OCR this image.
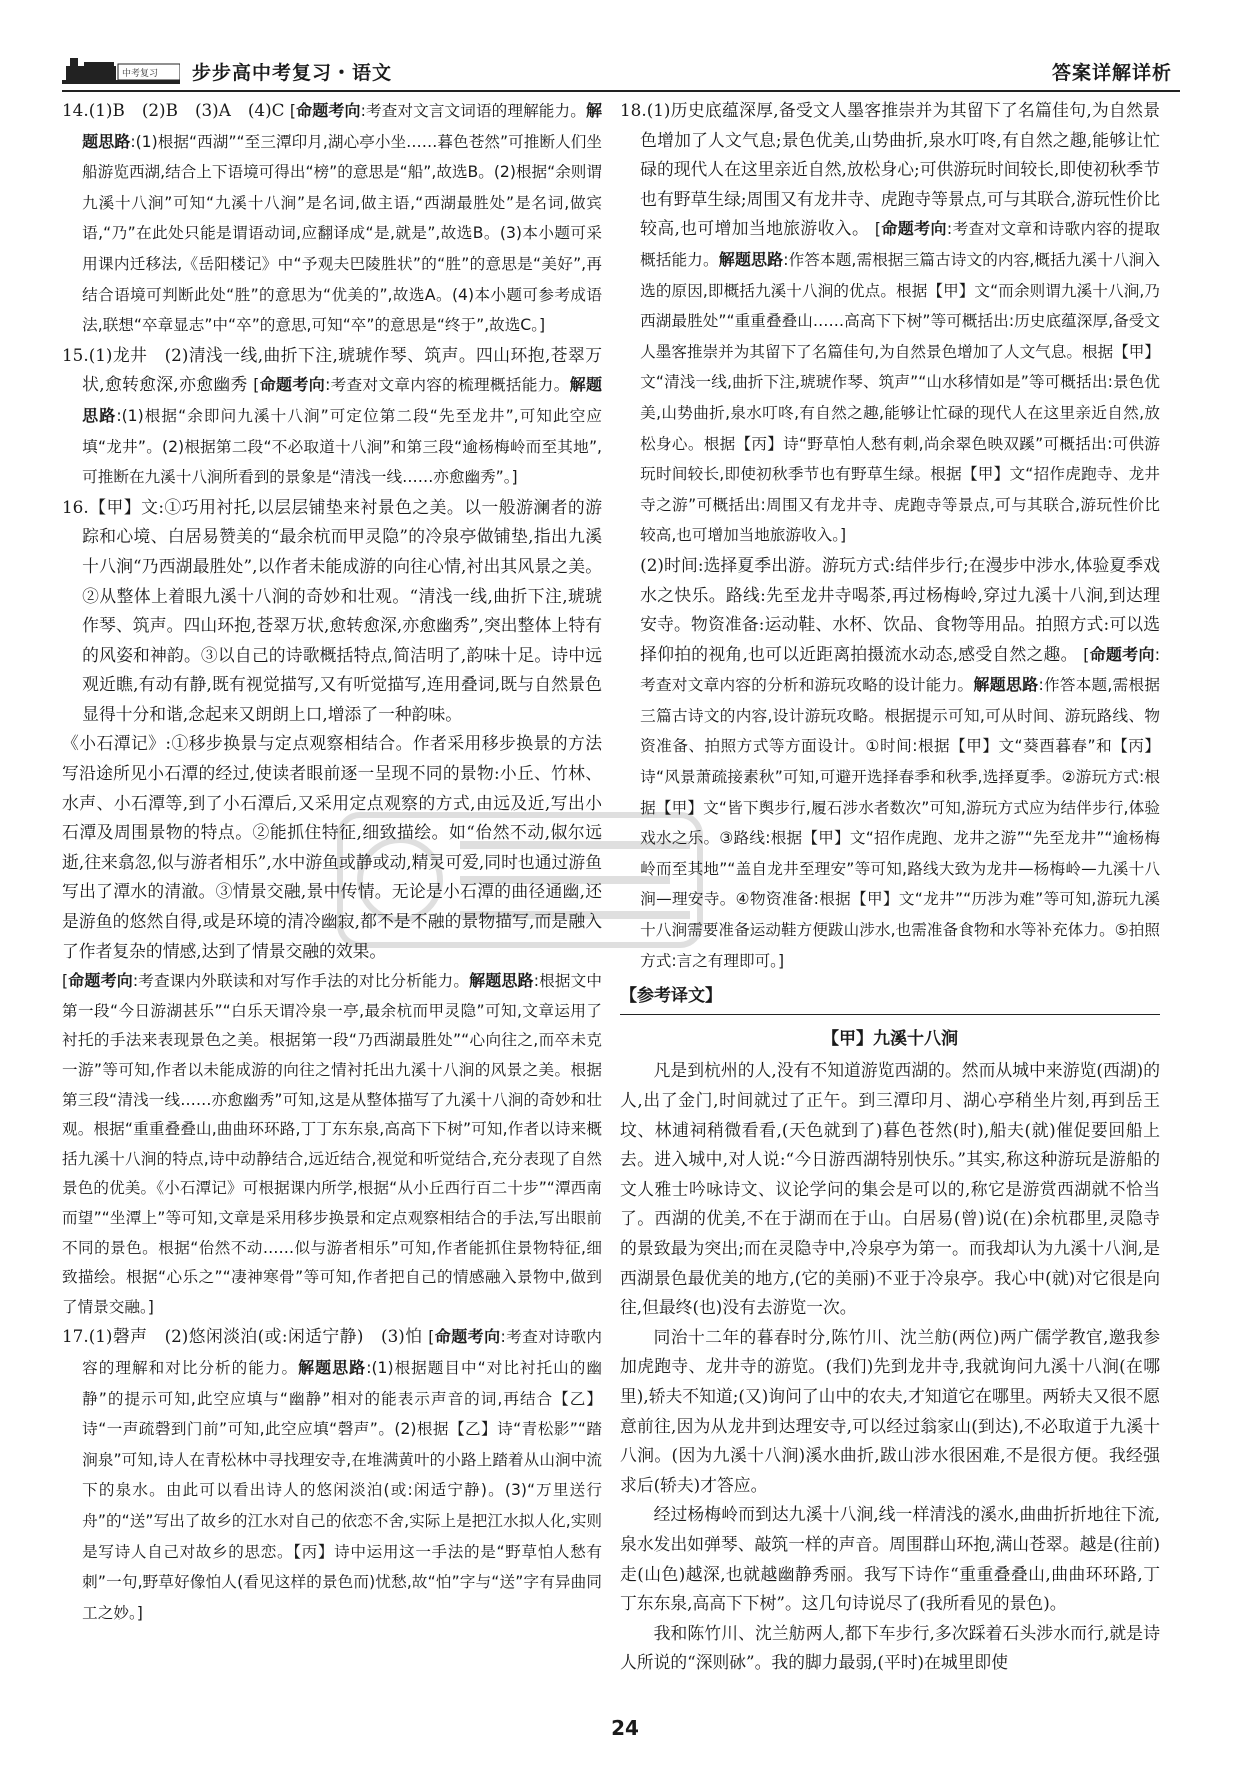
中考复习 步步高中考复习・语文	答案详解详析

14.(1)B　(2)B　(3)A　(4)C [命题考向:考查对文言文词语的理解能力。解题思路:(1)根据“西湖”“至三潭印月,湖心亭小坐……暮色苍然”可推断人们坐船游览西湖,结合上下语境可得出“榜”的意思是“船”,故选B。(2)根据“余则谓九溪十八涧”可知“九溪十八涧”是名词,做主语,“西湖最胜处”是名词,做宾语,“乃”在此处只能是谓语动词,应翻译成“是,就是”,故选B。(3)本小题可采用课内迁移法,《岳阳楼记》中“予观夫巴陵胜状”的“胜”的意思是“美好”,再结合语境可判断此处“胜”的意思为“优美的”,故选A。(4)本小题可参考成语法,联想“卒章显志”中“卒”的意思,可知“卒”的意思是“终于”,故选C。]

15.(1)龙井　(2)清浅一线,曲折下注,琥琥作琴、筑声。四山环抱,苍翠万状,愈转愈深,亦愈幽秀 [命题考向:考查对文章内容的梳理概括能力。解题思路:(1)根据“余即问九溪十八涧”可定位第二段“先至龙井”,可知此空应填“龙井”。(2)根据第二段“不必取道十八涧”和第三段“逾杨梅岭而至其地”,可推断在九溪十八涧所看到的景象是“清浅一线……亦愈幽秀”。]

16.【甲】文:①巧用衬托,以层层铺垫来衬景色之美。以一般游澜者的游踪和心境、白居易赞美的“最余杭而甲灵隐”的冷泉亭做铺垫,指出九溪十八涧“乃西湖最胜处”,以作者未能成游的向往心情,衬出其风景之美。②从整体上着眼九溪十八涧的奇妙和壮观。“清浅一线,曲折下注,琥琥作琴、筑声。四山环抱,苍翠万状,愈转愈深,亦愈幽秀”,突出整体上特有的风姿和神韵。③以自己的诗歌概括特点,简洁明了,韵味十足。诗中远观近瞧,有动有静,既有视觉描写,又有听觉描写,连用叠词,既与自然景色显得十分和谐,念起来又朗朗上口,增添了一种韵味。

《小石潭记》:①移步换景与定点观察相结合。作者采用移步换景的方法写沿途所见小石潭的经过,使读者眼前逐一呈现不同的景物:小丘、竹林、水声、小石潭等,到了小石潭后,又采用定点观察的方式,由远及近,写出小石潭及周围景物的特点。②能抓住特征,细致描绘。如“佁然不动,俶尔远逝,往来翕忽,似与游者相乐”,水中游鱼或静或动,精灵可爱,同时也通过游鱼写出了潭水的清澈。③情景交融,景中传情。无论是小石潭的曲径通幽,还是游鱼的悠然自得,或是环境的清冷幽寂,都不是不融的景物描写,而是融入了作者复杂的情感,达到了情景交融的效果。

[命题考向:考查课内外联读和对写作手法的对比分析能力。解题思路:根据文中第一段“今日游湖甚乐”“白乐天谓冷泉一亭,最余杭而甲灵隐”可知,文章运用了衬托的手法来表现景色之美。根据第一段“乃西湖最胜处”“心向往之,而卒未克一游”等可知,作者以未能成游的向往之情衬托出九溪十八涧的风景之美。根据第三段“清浅一线……亦愈幽秀”可知,这是从整体描写了九溪十八涧的奇妙和壮观。根据“重重叠叠山,曲曲环环路,丁丁东东泉,高高下下树”可知,作者以诗来概括九溪十八涧的特点,诗中动静结合,远近结合,视觉和听觉结合,充分表现了自然景色的优美。《小石潭记》可根据课内所学,根据“从小丘西行百二十步”“潭西南而望”“坐潭上”等可知,文章是采用移步换景和定点观察相结合的手法,写出眼前不同的景色。根据“佁然不动……似与游者相乐”可知,作者能抓住景物特征,细致描绘。根据“心乐之”“凄神寒骨”等可知,作者把自己的情感融入景物中,做到了情景交融。]

17.(1)磬声　(2)悠闲淡泊(或:闲适宁静)　(3)怕 [命题考向:考查对诗歌内容的理解和对比分析的能力。解题思路:(1)根据题目中“对比衬托山的幽静”的提示可知,此空应填与“幽静”相对的能表示声音的词,再结合【乙】诗“一声疏磬到门前”可知,此空应填“磬声”。(2)根据【乙】诗“青松影”“踏涧泉”可知,诗人在青松林中寻找理安寺,在堆满黄叶的小路上踏着从山涧中流下的泉水。由此可以看出诗人的悠闲淡泊(或:闲适宁静)。(3)“万里送行舟”的“送”写出了故乡的江水对自己的依恋不舍,实际上是把江水拟人化,实则是写诗人自己对故乡的思恋。【丙】诗中运用这一手法的是“野草怕人愁有刺”一句,野草好像怕人(看见这样的景色而)忧愁,故“怕”字与“送”字有异曲同工之妙。]

18.(1)历史底蕴深厚,备受文人墨客推崇并为其留下了名篇佳句,为自然景色增加了人文气息;景色优美,山势曲折,泉水叮咚,有自然之趣,能够让忙碌的现代人在这里亲近自然,放松身心;可供游玩时间较长,即使初秋季节也有野草生绿;周围又有龙井寺、虎跑寺等景点,可与其联合,游玩性价比较高,也可增加当地旅游收入。 [命题考向:考查对文章和诗歌内容的提取概括能力。解题思路:作答本题,需根据三篇古诗文的内容,概括九溪十八涧入选的原因,即概括九溪十八涧的优点。根据【甲】文“而余则谓九溪十八涧,乃西湖最胜处”“重重叠叠山……高高下下树”等可概括出:历史底蕴深厚,备受文人墨客推崇并为其留下了名篇佳句,为自然景色增加了人文气息。根据【甲】文“清浅一线,曲折下注,琥琥作琴、筑声”“山水移情如是”等可概括出:景色优美,山势曲折,泉水叮咚,有自然之趣,能够让忙碌的现代人在这里亲近自然,放松身心。根据【丙】诗“野草怕人愁有刺,尚余翠色映双蹊”可概括出:可供游玩时间较长,即使初秋季节也有野草生绿。根据【甲】文“招作虎跑寺、龙井寺之游”可概括出:周围又有龙井寺、虎跑寺等景点,可与其联合,游玩性价比较高,也可增加当地旅游收入。]

(2)时间:选择夏季出游。游玩方式:结伴步行;在漫步中涉水,体验夏季戏水之快乐。路线:先至龙井寺喝茶,再过杨梅岭,穿过九溪十八涧,到达理安寺。物资准备:运动鞋、水杯、饮品、食物等用品。拍照方式:可以选择仰拍的视角,也可以近距离拍摄流水动态,感受自然之趣。 [命题考向:考查对文章内容的分析和游玩攻略的设计能力。解题思路:作答本题,需根据三篇古诗文的内容,设计游玩攻略。根据提示可知,可从时间、游玩路线、物资准备、拍照方式等方面设计。①时间:根据【甲】文“葵酉暮春”和【丙】诗“风景萧疏接素秋”可知,可避开选择春季和秋季,选择夏季。②游玩方式:根据【甲】文“皆下舆步行,履石涉水者数次”可知,游玩方式应为结伴步行,体验戏水之乐。③路线:根据【甲】文“招作虎跑、龙井之游”“先至龙井”“逾杨梅岭而至其地”“盖自龙井至理安”等可知,路线大致为龙井—杨梅岭—九溪十八涧—理安寺。④物资准备:根据【甲】文“龙井”“历涉为难”等可知,游玩九溪十八涧需要准备运动鞋方便跋山涉水,也需准备食物和水等补充体力。⑤拍照方式:言之有理即可。]

【参考译文】
【甲】九溪十八涧

凡是到杭州的人,没有不知道游览西湖的。然而从城中来游览(西湖)的人,出了金门,时间就过了正午。到三潭印月、湖心亭稍坐片刻,再到岳王坟、林逋祠稍微看看,(天色就到了)暮色苍然(时),船夫(就)催促要回船上去。进入城中,对人说:“今日游西湖特别快乐。”其实,称这种游玩是游船的文人雅士吟咏诗文、议论学问的集会是可以的,称它是游赏西湖就不恰当了。西湖的优美,不在于湖而在于山。白居易(曾)说(在)余杭郡里,灵隐寺的景致最为突出;而在灵隐寺中,冷泉亭为第一。而我却认为九溪十八涧,是西湖景色最优美的地方,(它的美丽)不亚于冷泉亭。我心中(就)对它很是向往,但最终(也)没有去游览一次。

同治十二年的暮春时分,陈竹川、沈兰舫(两位)两广儒学教官,邀我参加虎跑寺、龙井寺的游览。(我们)先到龙井寺,我就询问九溪十八涧(在哪里),轿夫不知道;(又)询问了山中的农夫,才知道它在哪里。两轿夫又很不愿意前往,因为从龙井到达理安寺,可以经过翁家山(到达),不必取道于九溪十八涧。(因为九溪十八涧)溪水曲折,跋山涉水很困难,不是很方便。我经强求后(轿夫)才答应。

经过杨梅岭而到达九溪十八涧,线一样清浅的溪水,曲曲折折地往下流,泉水发出如弹琴、敲筑一样的声音。周围群山环抱,满山苍翠。越是(往前)走(山色)越深,也就越幽静秀丽。我写下诗作“重重叠叠山,曲曲环环路,丁丁东东泉,高高下下树”。这几句诗说尽了(我所看见的景色)。

我和陈竹川、沈兰舫两人,都下车步行,多次踩着石头涉水而行,就是诗人所说的“深则砅”。我的脚力最弱,(平时)在城里即使

24
